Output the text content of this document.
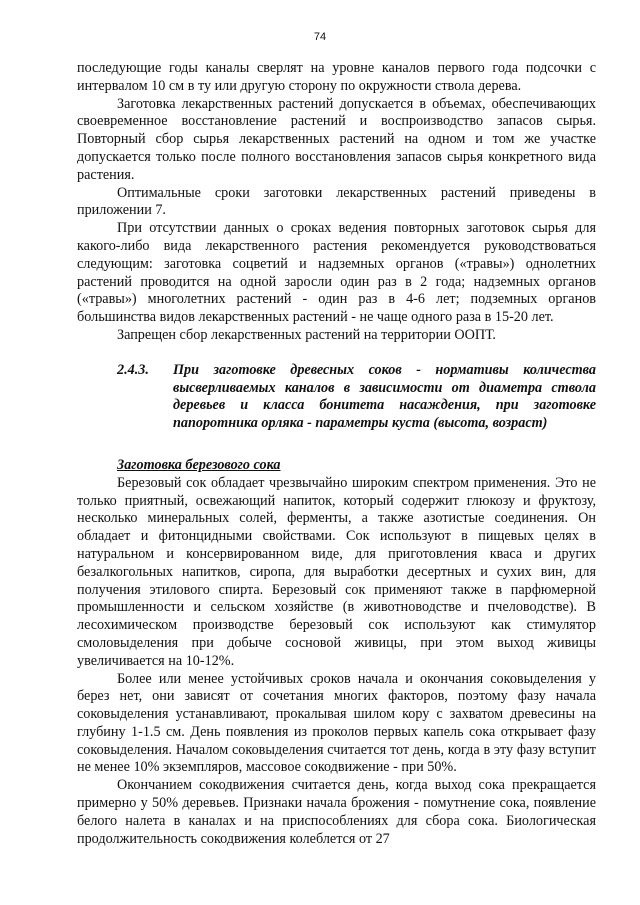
74

последующие годы каналы сверлят на уровне каналов первого года подсочки с интервалом 10 см в ту или другую сторону по окружности ствола дерева.

Заготовка лекарственных растений допускается в объемах, обеспечивающих своевременное восстановление растений и воспроизводство запасов сырья. Повторный сбор сырья лекарственных растений на одном и том же участке допускается только после полного восстановления запасов сырья конкретного вида растения.

Оптимальные сроки заготовки лекарственных растений приведены в приложении 7.

При отсутствии данных о сроках ведения повторных заготовок сырья для какого-либо вида лекарственного растения рекомендуется руководствоваться следующим: заготовка соцветий и надземных органов («травы») однолетних растений проводится на одной заросли один раз в 2 года; надземных органов («травы») многолетних растений - один раз в 4-6 лет; подземных органов большинства видов лекарственных растений - не чаще одного раза в 15-20 лет.

Запрещен сбор лекарственных растений на территории ООПТ.

2.4.3.	При заготовке древесных соков - нормативы количества высверливаемых каналов в зависимости от диаметра ствола деревьев и класса бонитета насаждения, при заготовке папоротника орляка - параметры куста (высота, возраст)

Заготовка березового сока

Березовый сок обладает чрезвычайно широким спектром применения. Это не только приятный, освежающий напиток, который содержит глюкозу и фруктозу, несколько минеральных солей, ферменты, а также азотистые соединения. Он обладает и фитонцидными свойствами. Сок используют в пищевых целях в натуральном и консервированном виде, для приготовления кваса и других безалкогольных напитков, сиропа, для выработки десертных и сухих вин, для получения этилового спирта. Березовый сок применяют также в парфюмерной промышленности и сельском хозяйстве (в животноводстве и пчеловодстве). В лесохимическом производстве березовый сок используют как стимулятор смоловыделения при добыче сосновой живицы, при этом выход живицы увеличивается на 10-12%.

Более или менее устойчивых сроков начала и окончания соковыделения у берез нет, они зависят от сочетания многих факторов, поэтому фазу начала соковыделения устанавливают, прокалывая шилом кору с захватом древесины на глубину 1-1.5 см. День появления из проколов первых капель сока открывает фазу соковыделения. Началом соковыделения считается тот день, когда в эту фазу вступит не менее 10% экземпляров, массовое сокодвижение - при 50%.

Окончанием сокодвижения считается день, когда выход сока прекращается примерно у 50% деревьев. Признаки начала брожения - помутнение сока, появление белого налета в каналах и на приспособлениях для сбора сока. Биологическая продолжительность сокодвижения колеблется от 27
